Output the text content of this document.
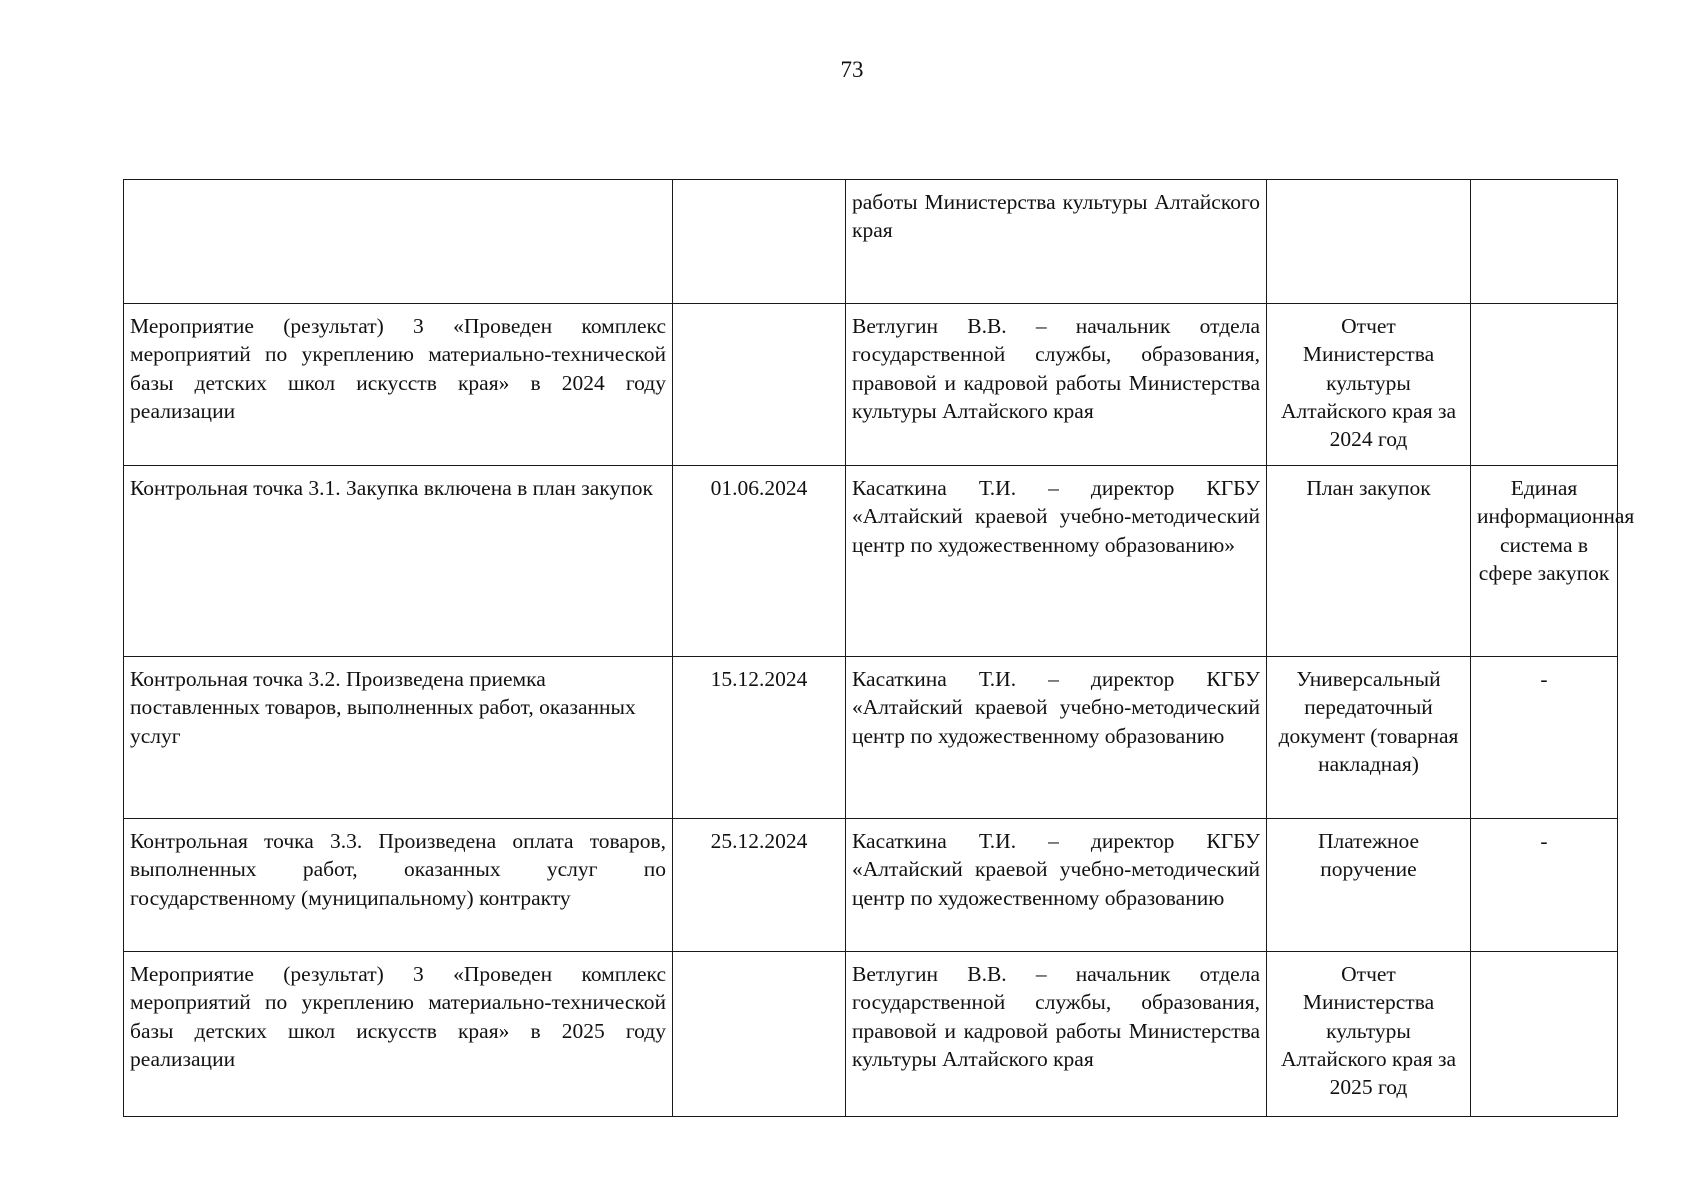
73
		работы Министерства культуры Алтайского края		
Мероприятие (результат) 3 «Проведен комплекс мероприятий по укреплению материально-технической базы детских школ искусств края» в 2024 году реализации		Ветлугин В.В. – начальник отдела государственной службы, образования, правовой и кадровой работы Министерства культуры Алтайского края	Отчет Министерства культуры Алтайского края за 2024 год	
Контрольная точка 3.1. Закупка включена в план закупок	01.06.2024	Касаткина Т.И. – директор КГБУ «Алтайский краевой учебно-методический центр по художественному образованию»	План закупок	Единая информационная система в сфере закупок
Контрольная точка 3.2. Произведена приемка поставленных товаров, выполненных работ, оказанных услуг	15.12.2024	Касаткина Т.И. – директор КГБУ «Алтайский краевой учебно-методический центр по художественному образованию	Универсальный передаточный документ (товарная накладная)	-
Контрольная точка 3.3. Произведена оплата товаров, выполненных работ, оказанных услуг по государственному (муниципальному) контракту	25.12.2024	Касаткина Т.И. – директор КГБУ «Алтайский краевой учебно-методический центр по художественному образованию	Платежное поручение	-
Мероприятие (результат) 3 «Проведен комплекс мероприятий по укреплению материально-технической базы детских школ искусств края» в 2025 году реализации		Ветлугин В.В. – начальник отдела государственной службы, образования, правовой и кадровой работы Министерства культуры Алтайского края	Отчет Министерства культуры Алтайского края за 2025 год	
